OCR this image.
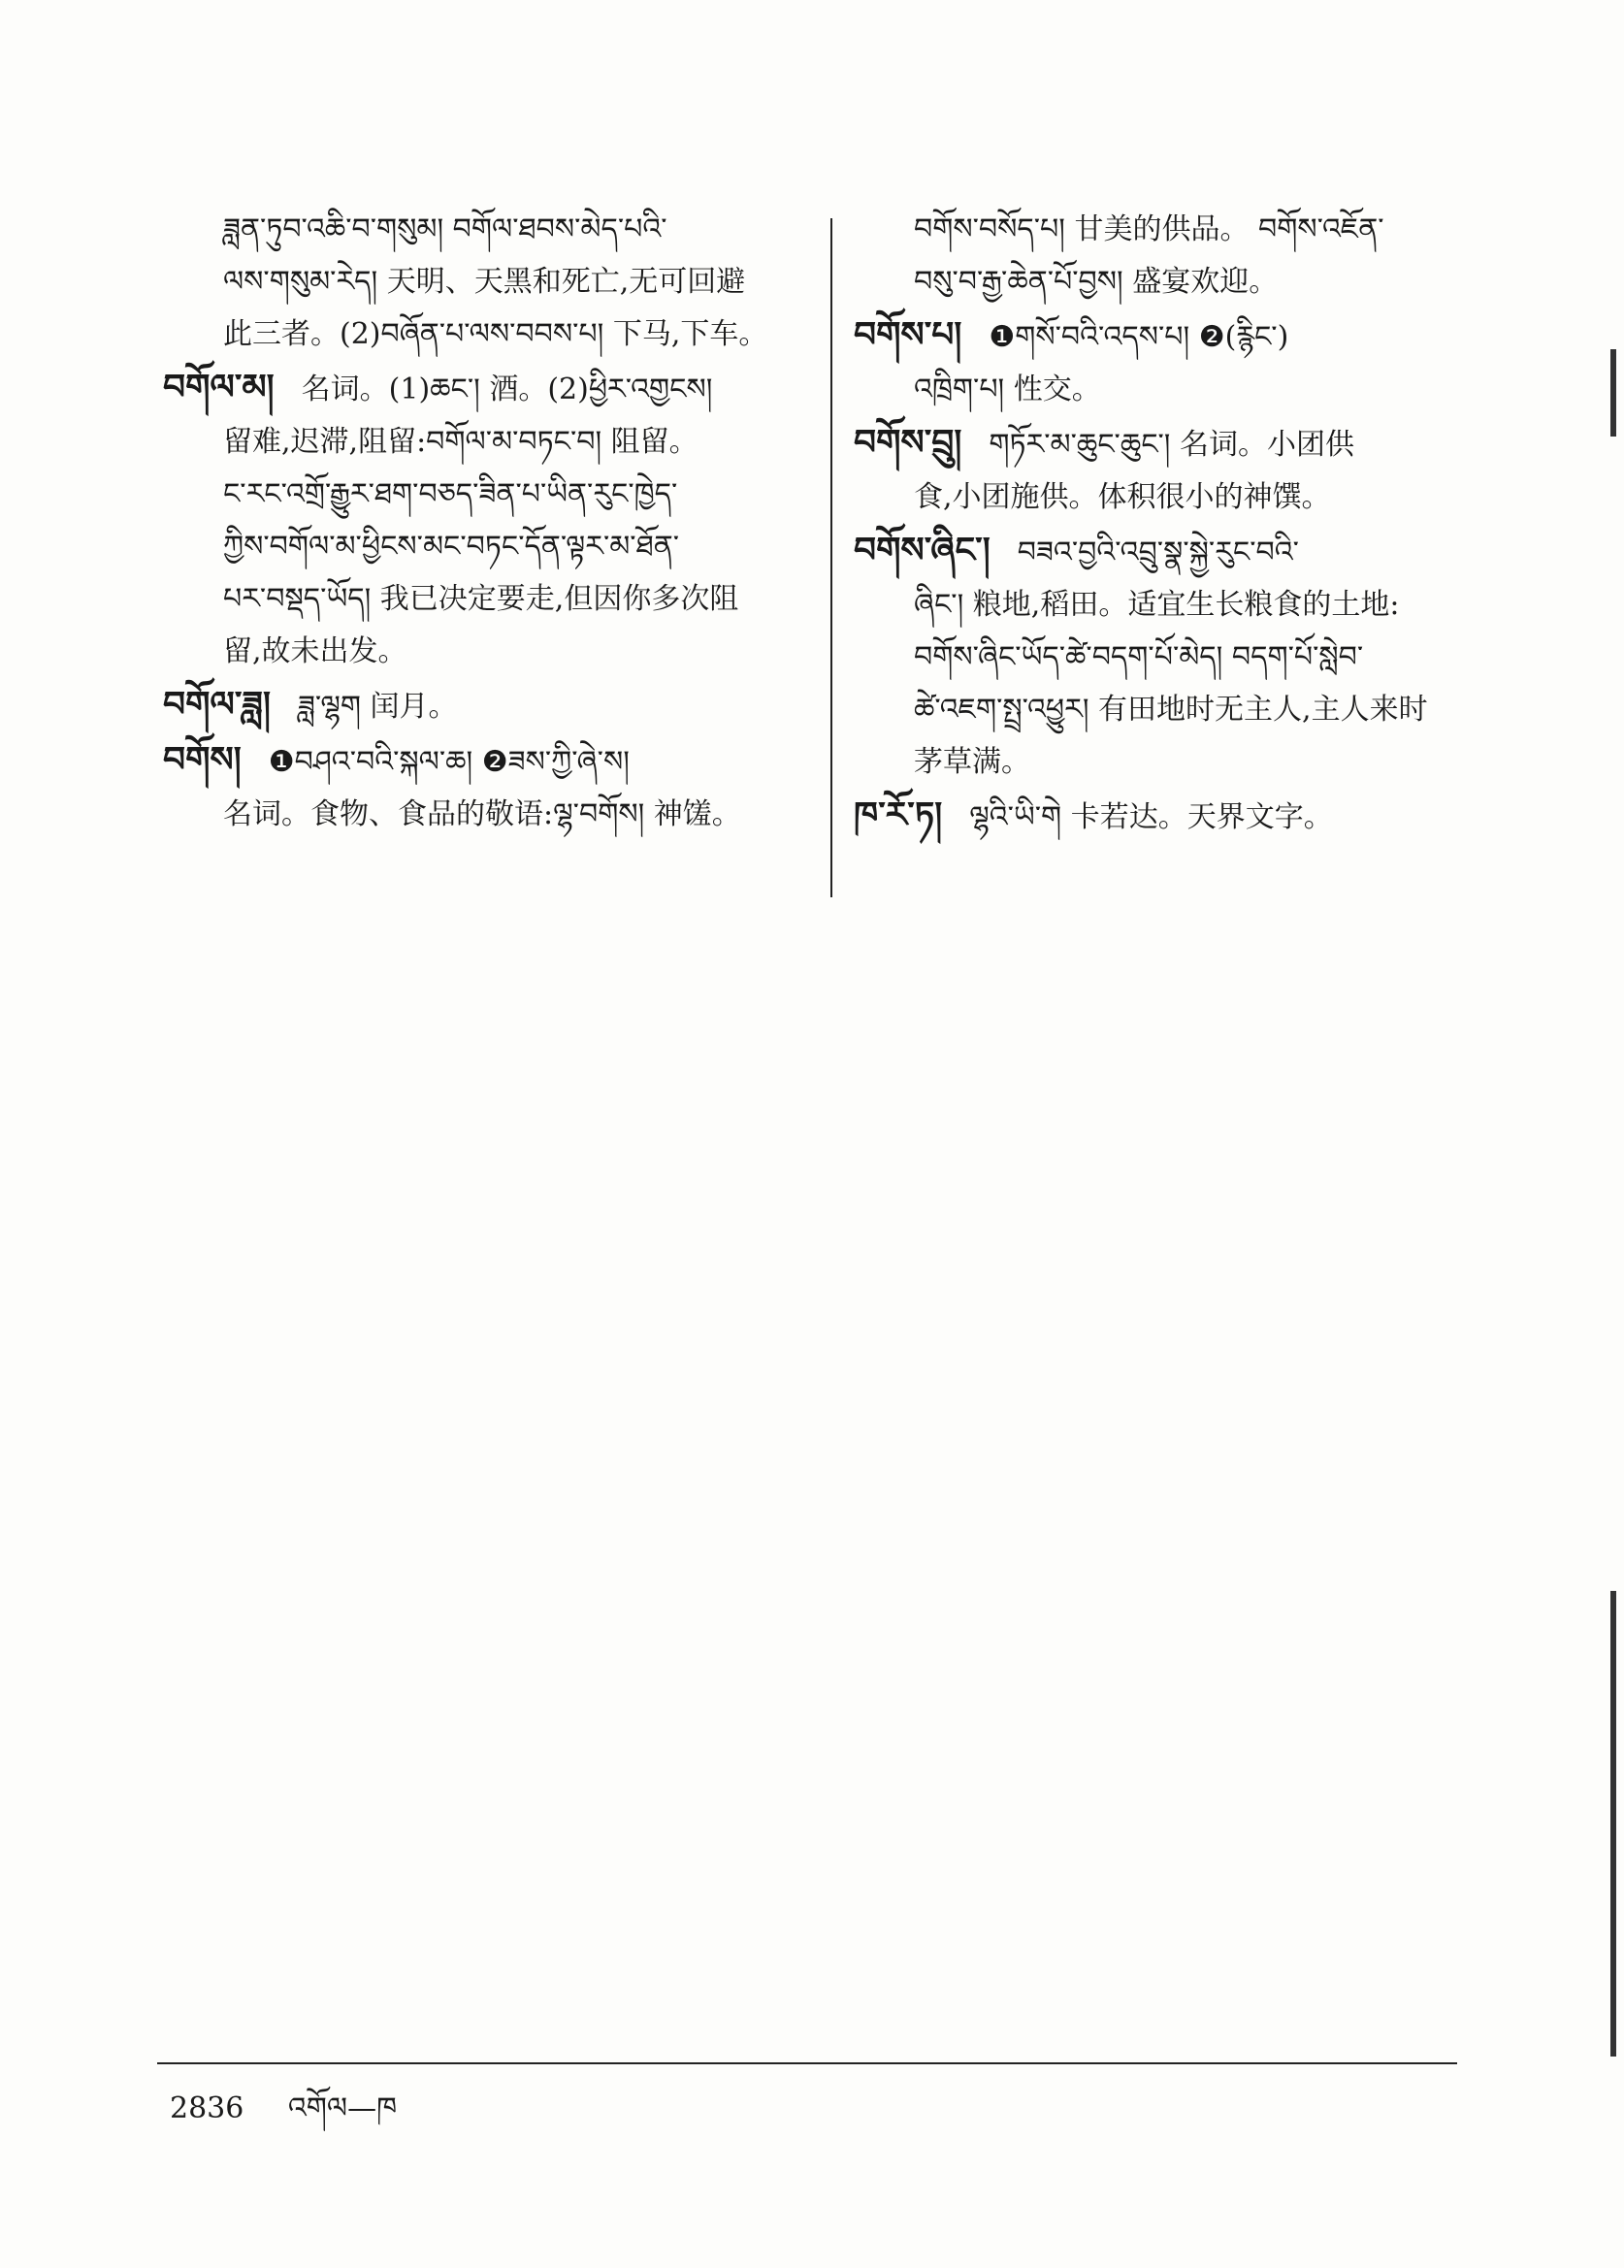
ཟླན་ཏུབ་འཆི་བ་གསུམ། བགོལ་ཐབས་མེད་པའི་
ལས་གསུམ་རེད། 天明、天黑和死亡,无可回避
此三者。(2)བཞོན་པ་ལས་བབས་པ། 下马,下车。
བགོལ་མ། 名词。(1)ཆང་། 酒。(2)ཕྱིར་འགྱངས།
留难,迟滞,阻留:བགོལ་མ་བཏང་བ། 阻留。
ང་རང་འགྲོ་རྒྱུར་ཐག་བཅད་ཟིན་པ་ཡིན་རུང་ཁྱེད་
ཀྱིས་བགོལ་མ་ཕྱིངས་མང་བཏང་དོན་ལྟར་མ་ཐོན་
པར་བསྡད་ཡོད། 我已决定要走,但因你多次阻
留,故未出发。
བགོལ་ཟླ། ཟླ་ལྷག 闰月。
བགོས། ❶བཤའ་བའི་སྐལ་ཆ། ❷ཟས་ཀྱི་ཞེ་ས།
名词。食物、食品的敬语:ལྷ་བགོས། 神馐。
བགོས་བསོད་པ། 甘美的供品。 བགོས་འཇོན་
བསུ་བ་རྒྱ་ཆེན་པོ་བྱས། 盛宴欢迎。
བགོས་པ། ❶གསོ་བའི་འདས་པ། ❷(རྙིང་)
འཁྲིག་པ། 性交。
བགོས་བྲུ། གཏོར་མ་ཆུང་ཆུང་། 名词。小团供
食,小团施供。体积很小的神馔。
བགོས་ཞིང་། བཟའ་བྱའི་འབྲུ་སྣ་སྐྱེ་རུང་བའི་
ཞིང་། 粮地,稻田。适宜生长粮食的土地:
བགོས་ཞིང་ཡོད་ཚེ་བདག་པོ་མེད། བདག་པོ་སླེབ་
ཚེ་འཇག་སྤྲ་འཕྱུར། 有田地时无主人,主人来时
茅草满。
ཁ་རོ་ཏ། ལྷའི་ཡི་གེ 卡若达。天界文字。
2836 འགོལ—ཁ
